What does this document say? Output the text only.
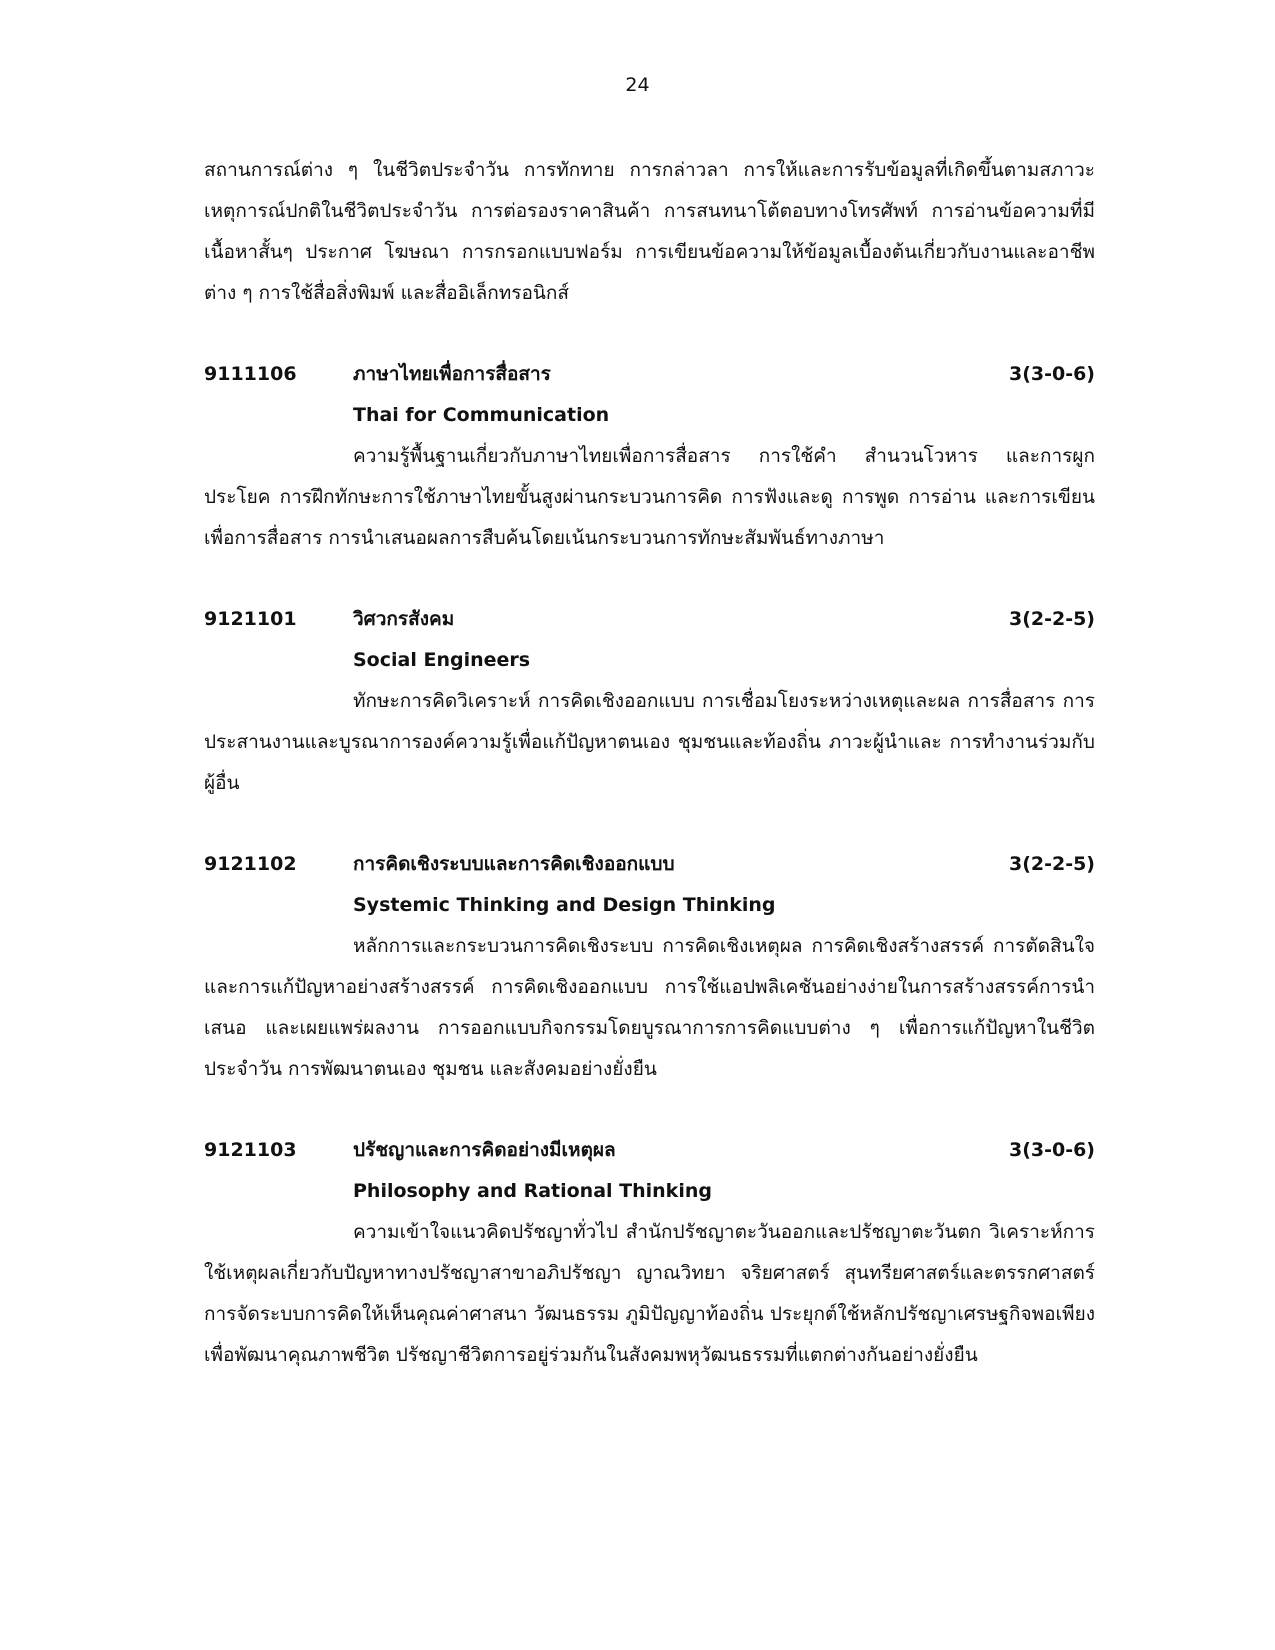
24

สถานการณ์ต่าง ๆ ในชีวิตประจำวัน การทักทาย การกล่าวลา การให้และการรับข้อมูลที่เกิดขึ้นตามสภาวะเหตุการณ์ปกติในชีวิตประจำวัน การต่อรองราคาสินค้า การสนทนาโต้ตอบทางโทรศัพท์ การอ่านข้อความที่มีเนื้อหาสั้นๆ ประกาศ โฆษณา การกรอกแบบฟอร์ม การเขียนข้อความให้ข้อมูลเบื้องต้นเกี่ยวกับงานและอาชีพต่าง ๆ การใช้สื่อสิ่งพิมพ์ และสื่ออิเล็กทรอนิกส์

9111106	ภาษาไทยเพื่อการสื่อสาร	3(3-0-6)
Thai for Communication

ความรู้พื้นฐานเกี่ยวกับภาษาไทยเพื่อการสื่อสาร การใช้คำ สำนวนโวหาร และการผูกประโยค การฝึกทักษะการใช้ภาษาไทยขั้นสูงผ่านกระบวนการคิด การฟังและดู การพูด การอ่าน และการเขียนเพื่อการสื่อสาร การนำเสนอผลการสืบค้นโดยเน้นกระบวนการทักษะสัมพันธ์ทางภาษา

9121101	วิศวกรสังคม	3(2-2-5)
Social Engineers

ทักษะการคิดวิเคราะห์ การคิดเชิงออกแบบ การเชื่อมโยงระหว่างเหตุและผล การสื่อสาร การประสานงานและบูรณาการองค์ความรู้เพื่อแก้ปัญหาตนเอง ชุมชนและท้องถิ่น ภาวะผู้นำและ การทำงานร่วมกับผู้อื่น

9121102	การคิดเชิงระบบและการคิดเชิงออกแบบ	3(2-2-5)
Systemic Thinking and Design Thinking

หลักการและกระบวนการคิดเชิงระบบ การคิดเชิงเหตุผล การคิดเชิงสร้างสรรค์ การตัดสินใจและการแก้ปัญหาอย่างสร้างสรรค์ การคิดเชิงออกแบบ การใช้แอปพลิเคชันอย่างง่ายในการสร้างสรรค์การนำเสนอ และเผยแพร่ผลงาน การออกแบบกิจกรรมโดยบูรณาการการคิดแบบต่าง ๆ เพื่อการแก้ปัญหาในชีวิตประจำวัน การพัฒนาตนเอง ชุมชน และสังคมอย่างยั่งยืน

9121103	ปรัชญาและการคิดอย่างมีเหตุผล	3(3-0-6)
Philosophy and Rational Thinking

ความเข้าใจแนวคิดปรัชญาทั่วไป สำนักปรัชญาตะวันออกและปรัชญาตะวันตก วิเคราะห์การใช้เหตุผลเกี่ยวกับปัญหาทางปรัชญาสาขาอภิปรัชญา ญาณวิทยา จริยศาสตร์ สุนทรียศาสตร์และตรรกศาสตร์ การจัดระบบการคิดให้เห็นคุณค่าศาสนา วัฒนธรรม ภูมิปัญญาท้องถิ่น ประยุกต์ใช้หลักปรัชญาเศรษฐกิจพอเพียงเพื่อพัฒนาคุณภาพชีวิต ปรัชญาชีวิตการอยู่ร่วมกันในสังคมพหุวัฒนธรรมที่แตกต่างกันอย่างยั่งยืน
